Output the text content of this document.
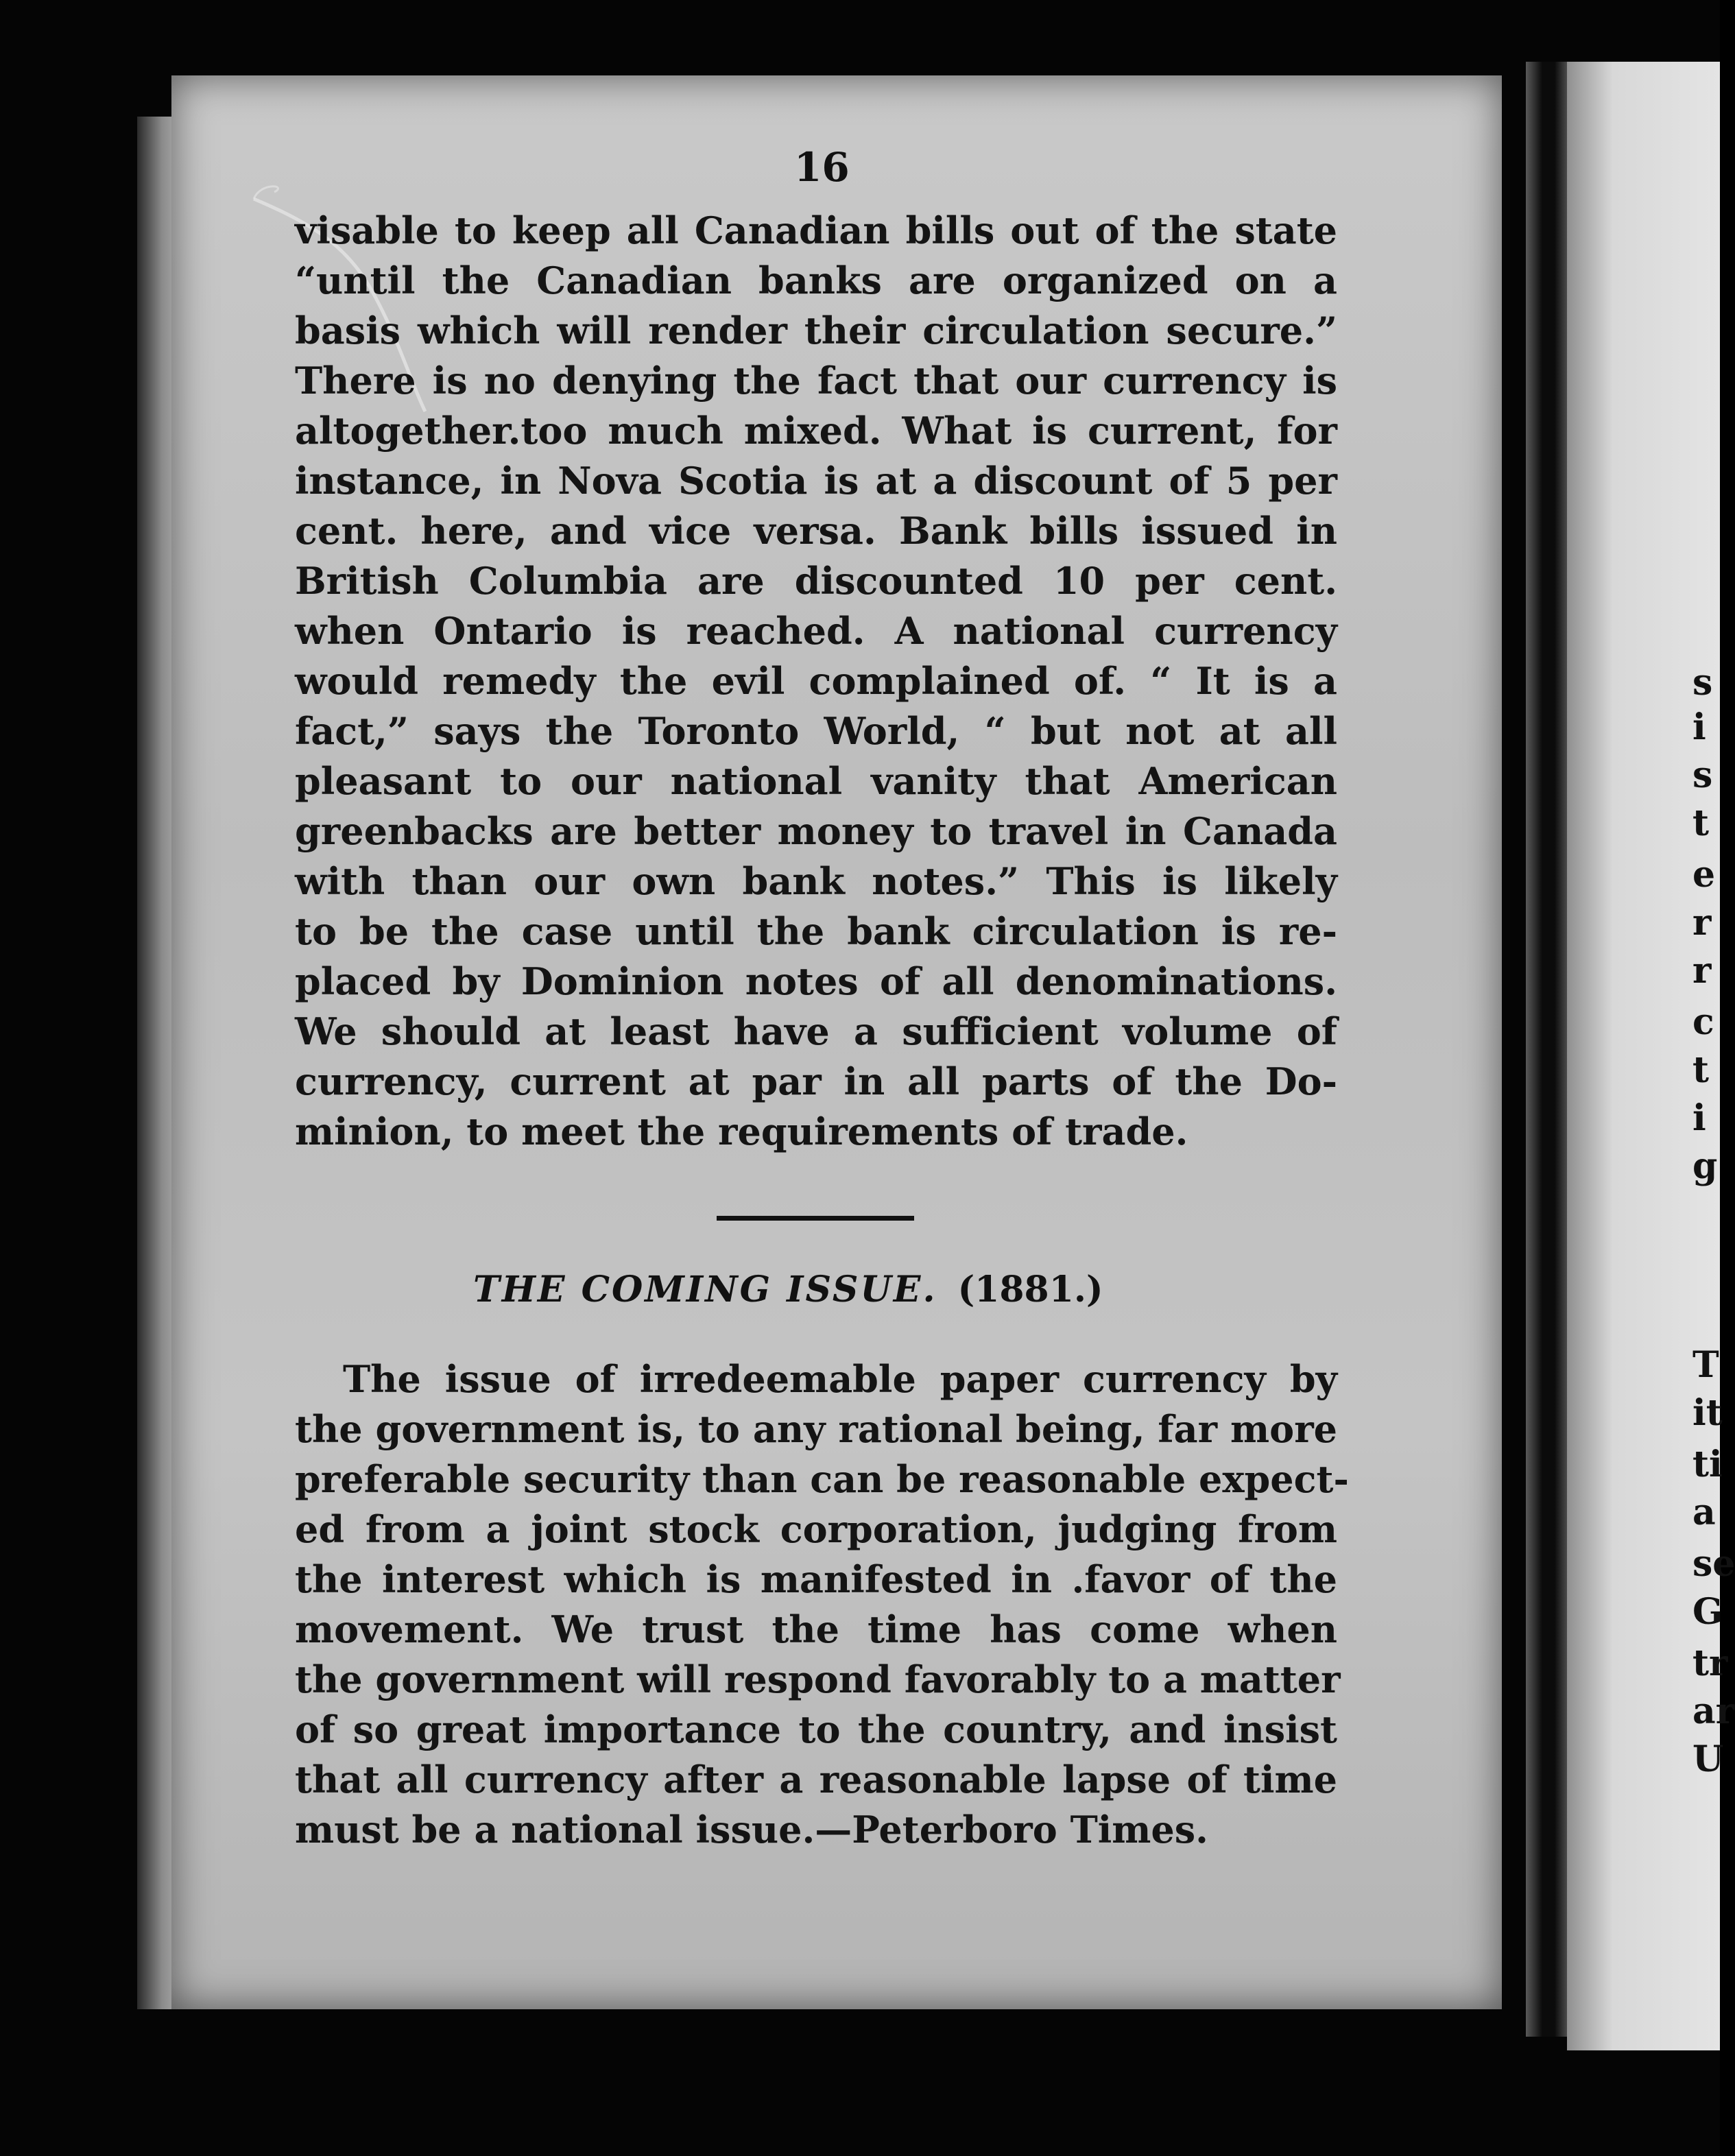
s
i
s
t
e
r
r
c
t
i
g
T
it
ti
a
se
G
tr
ar
U
16
visable to keep all Canadian bills out of the state
“until the Canadian banks are organized on a
basis which will render their circulation secure.”
There is no denying the fact that our currency is
altogether.too much mixed. What is current, for
instance, in Nova Scotia is at a discount of 5 per
cent. here, and vice versa. Bank bills issued in
British Columbia are discounted 10 per cent.
when Ontario is reached. A national currency
would remedy the evil complained of. “ It is a
fact,” says the Toronto World, “ but not at all
pleasant to our national vanity that American
greenbacks are better money to travel in Canada
with than our own bank notes.” This is likely
to be the case until the bank circulation is re-
placed by Dominion notes of all denominations.
We should at least have a sufficient volume of
currency, current at par in all parts of the Do-
minion, to meet the requirements of trade.
THE COMING ISSUE. (1881.)
The issue of irredeemable paper currency by
the government is, to any rational being, far more
preferable security than can be reasonable expect-
ed from a joint stock corporation, judging from
the interest which is manifested in .favor of the
movement. We trust the time has come when
the government will respond favorably to a matter
of so great importance to the country, and insist
that all currency after a reasonable lapse of time
must be a national issue.—Peterboro Times.
